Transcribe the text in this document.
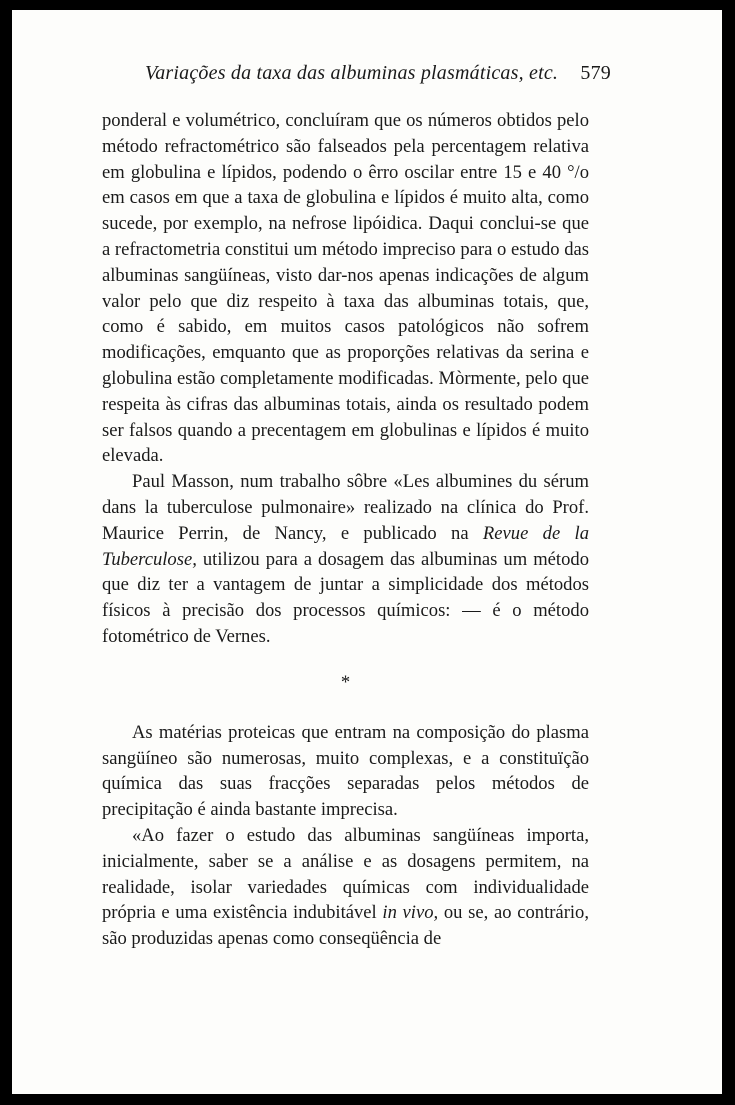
Variações da taxa das albuminas plasmáticas, etc. 579

ponderal e volumétrico, concluíram que os números obtidos pelo método refractométrico são falseados pela percentagem relativa em globulina e lípidos, podendo o êrro oscilar entre 15 e 40 °/o em casos em que a taxa de globulina e lípidos é muito alta, como sucede, por exemplo, na nefrose lipóidica. Daqui conclui-se que a refractometria constitui um método impreciso para o estudo das albuminas sangüíneas, visto dar-nos apenas indicações de algum valor pelo que diz respeito à taxa das albuminas totais, que, como é sabido, em muitos casos patológicos não sofrem modificações, emquanto que as proporções relativas da serina e globulina estão completamente modificadas. Mòrmente, pelo que respeita às cifras das albuminas totais, ainda os resultado podem ser falsos quando a precentagem em globulinas e lípidos é muito elevada.

Paul Masson, num trabalho sôbre «Les albumines du sérum dans la tuberculose pulmonaire» realizado na clínica do Prof. Maurice Perrin, de Nancy, e publicado na Revue de la Tuberculose, utilizou para a dosagem das albuminas um método que diz ter a vantagem de juntar a simplicidade dos métodos físicos à precisão dos processos químicos: — é o método fotométrico de Vernes.

*

As matérias proteicas que entram na composição do plasma sangüíneo são numerosas, muito complexas, e a constituïção química das suas fracções separadas pelos métodos de precipitação é ainda bastante imprecisa.

«Ao fazer o estudo das albuminas sangüíneas importa, inicialmente, saber se a análise e as dosagens permitem, na realidade, isolar variedades químicas com individualidade própria e uma existência indubitável in vivo, ou se, ao contrário, são produzidas apenas como conseqüência de
